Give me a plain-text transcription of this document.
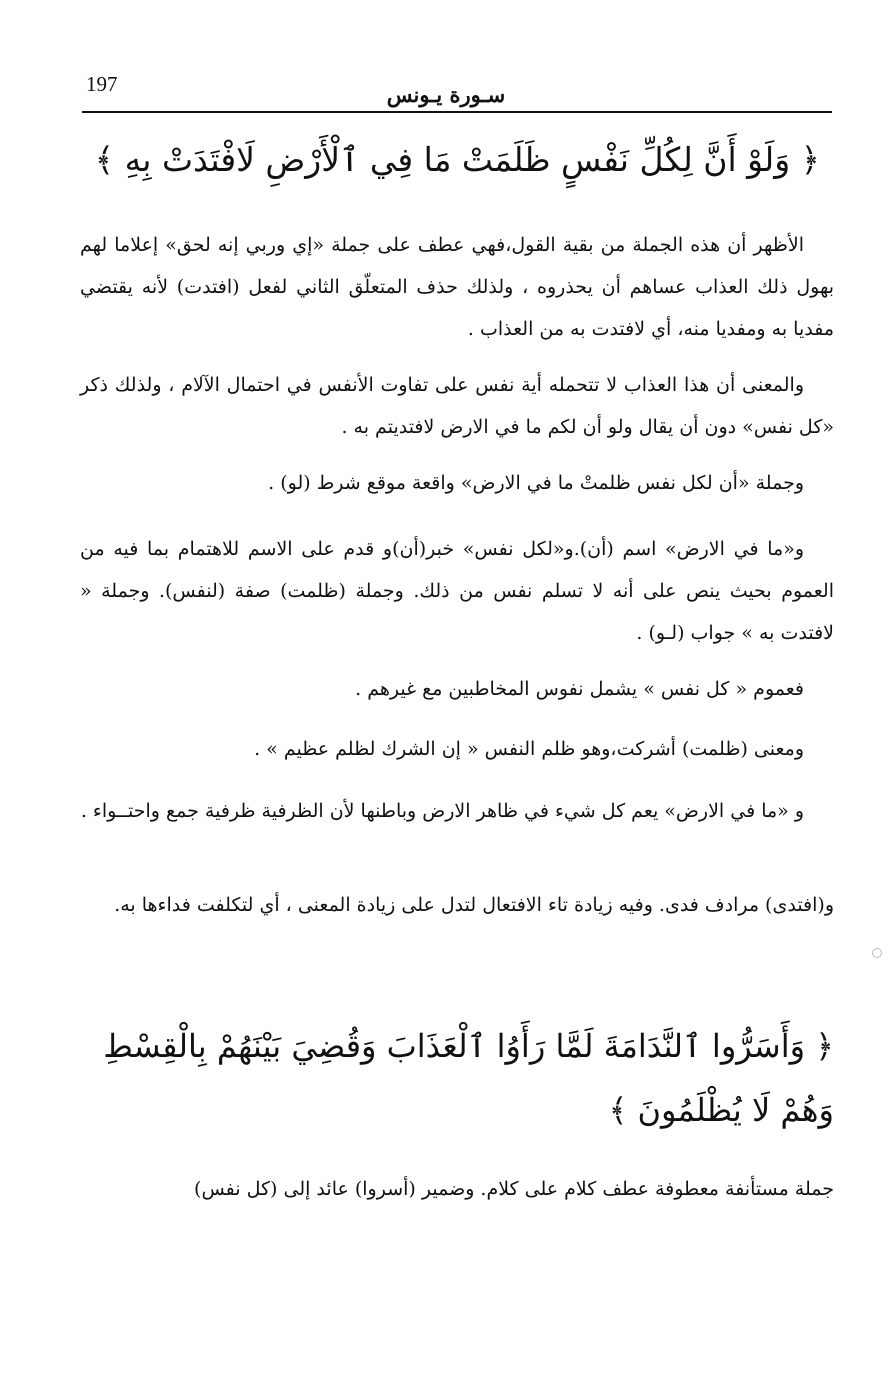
197	سـورة يـونس
﴿ وَلَوْ أَنَّ لِكُلِّ نَفْسٍ ظَلَمَتْ مَا فِي ٱلْأَرْضِ لَافْتَدَتْ بِهِ ﴾
الأظهر أن هذه الجملة من بقية القول،فهي عطف على جملة «إي وربي إنه لحق» إعلاما لهم بهول ذلك العذاب عساهم أن يحذروه ، ولذلك حذف المتعلّق الثاني لفعل (افتدت) لأنه يقتضي مفديا به ومفديا منه، أي لافتدت به من العذاب .
والمعنى أن هذا العذاب لا تتحمله أية نفس على تفاوت الأنفس في احتمال الآلام ، ولذلك ذكر «كل نفس» دون أن يقال ولو أن لكم ما في الارض لافتديتم به .
وجملة «أن لكل نفس ظلمتْ ما في الارض» واقعة موقع شرط (لو) .
و«ما في الارض» اسم (أن).و«لكل نفس» خبر(أن)و قدم على الاسم للاهتمام بما فيه من العموم بحيث ينص على أنه لا تسلم نفس من ذلك. وجملة (ظلمت) صفة (لنفس). وجملة « لافتدت به » جواب (لـو) .
فعموم « كل نفس » يشمل نفوس المخاطبين مع غيرهم .
ومعنى (ظلمت) أشركت،وهو ظلم النفس « إن الشرك لظلم عظيم » .
و «ما في الارض» يعم كل شيء في ظاهر الارض وباطنها لأن الظرفية ظرفية جمع واحتــواء .
و(افتدى) مرادف فدى. وفيه زيادة تاء الافتعال لتدل على زيادة المعنى ، أي لتكلفت فداءها به.
﴿ وَأَسَرُّوا ٱلنَّدَامَةَ لَمَّا رَأَوُا ٱلْعَذَابَ وَقُضِيَ بَيْنَهُمْ بِالْقِسْطِ وَهُمْ لَا يُظْلَمُونَ ﴾
جملة مستأنفة معطوفة عطف كلام على كلام. وضمير (أسروا) عائد إلى (كل نفس)
